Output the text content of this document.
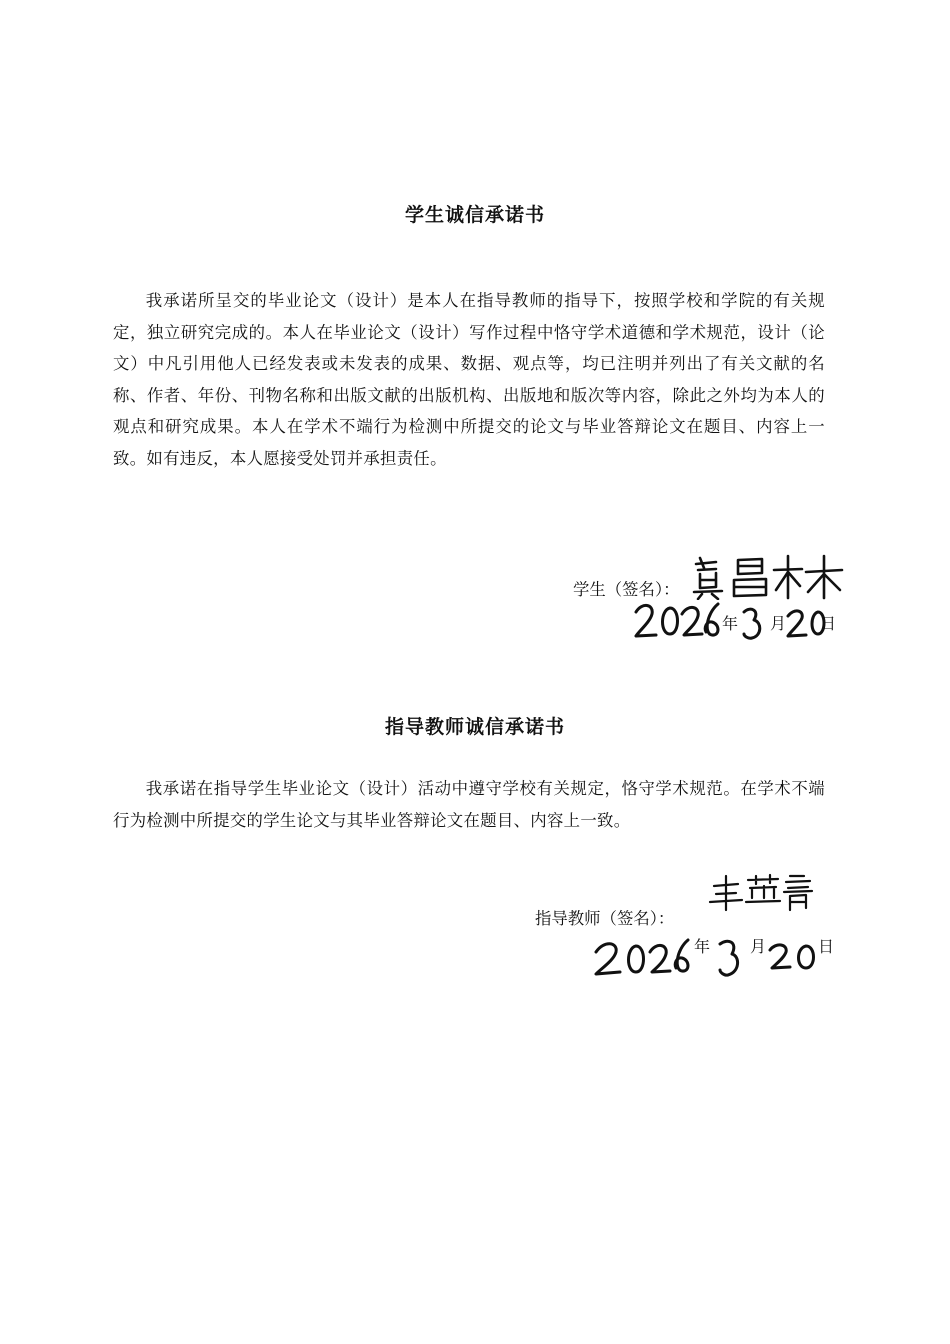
学生诚信承诺书

我承诺所呈交的毕业论文（设计）是本人在指导教师的指导下，按照学校和学院的有关规定，独立研究完成的。本人在毕业论文（设计）写作过程中恪守学术道德和学术规范，设计（论文）中凡引用他人已经发表或未发表的成果、数据、观点等，均已注明并列出了有关文献的名称、作者、年份、刊物名称和出版文献的出版机构、出版地和版次等内容，除此之外均为本人的观点和研究成果。本人在学术不端行为检测中所提交的论文与毕业答辩论文在题目、内容上一致。如有违反，本人愿接受处罚并承担责任。

学生（签名）：
年 月 日
指导教师诚信承诺书

我承诺在指导学生毕业论文（设计）活动中遵守学校有关规定，恪守学术规范。在学术不端行为检测中所提交的学生论文与其毕业答辩论文在题目、内容上一致。

指导教师（签名）：
年 月	日
